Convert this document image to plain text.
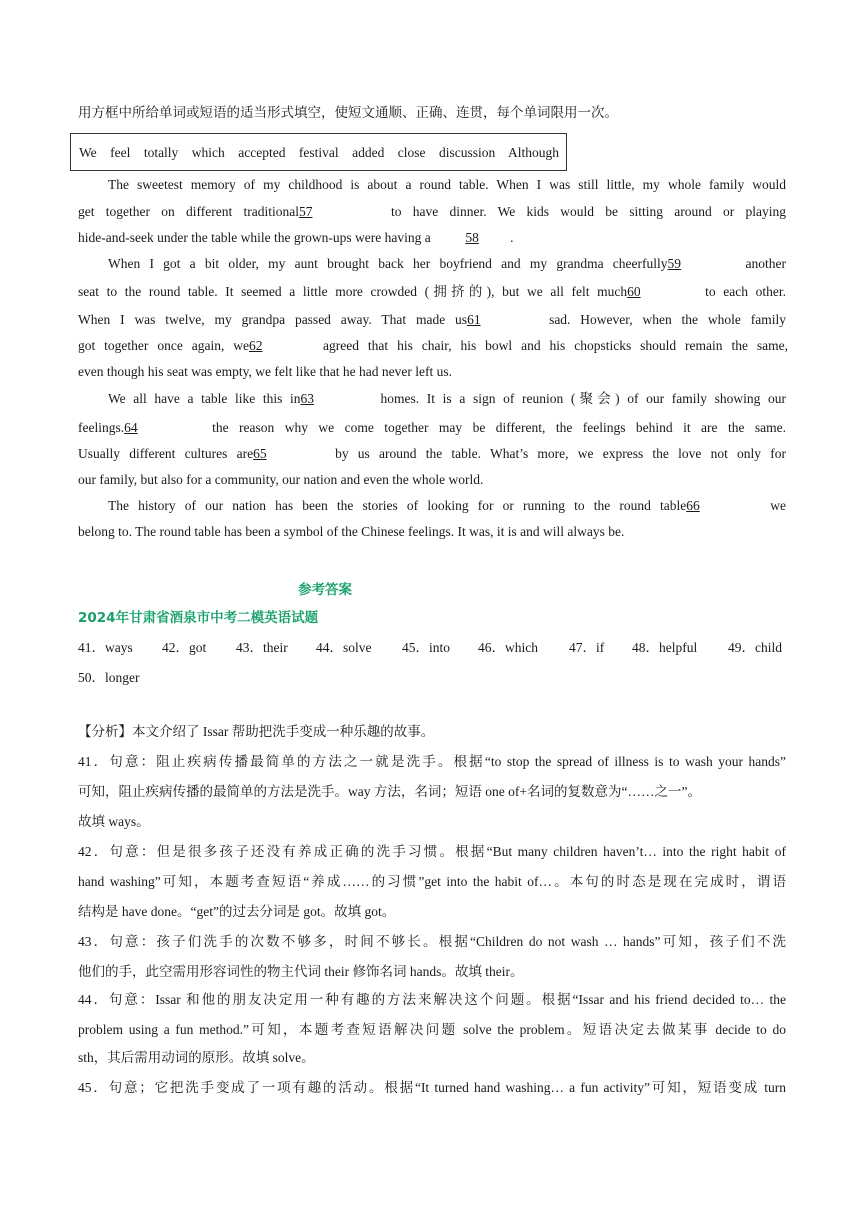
用方框中所给单词或短语的适当形式填空，使短文通顺、正确、连贯，每个单词限用一次。
We feel totally which accepted festival added close discussion Although
The sweetest memory of my childhood is about a round table. When I was still little, my whole family would
get together on different traditional57	to have dinner. We kids would be sitting around or playing
hide-and-seek under the table while the grown-ups were having a	58 .
When I got a bit older, my aunt brought back her boyfriend and my grandma cheerfully59	another
seat to the round table. It seemed a little more crowded (拥挤的), but we all felt much60	to each other.
When I was twelve, my grandpa passed away. That made us61	sad. However, when the whole family
got together once again, we62	agreed that his chair, his bowl and his chopsticks should remain the same,
even though his seat was empty, we felt like that he had never left us.
We all have a table like this in63	homes. It is a sign of reunion (聚会) of our family showing our
feelings.64	the reason why we come together may be different, the feelings behind it are the same.
Usually different cultures are65	by us around the table. What’s more, we express the love not only for
our family, but also for a community, our nation and even the whole world.
The history of our nation has been the stories of looking for or running to the round table66	we
belong to. The round table has been a symbol of the Chinese feelings. It was, it is and will always be.
参考答案
2024年甘肃省酒泉市中考二模英语试题
41．ways 42．got 43．their 44．solve 45．into 46．which 47．if 48．helpful 49．child
50．longer
【分析】本文介绍了 Issar 帮助把洗手变成一种乐趣的故事。
41．句意：阻止疾病传播最简单的方法之一就是洗手。根据“to stop the spread of illness is to wash your hands”
可知，阻止疾病传播的最简单的方法是洗手。way 方法，名词；短语 one of+名词的复数意为“……之一”。
故填 ways。
42．句意：但是很多孩子还没有养成正确的洗手习惯。根据“But many children haven’t… into the right habit of
hand washing”可知，本题考查短语“养成……的习惯”get into the habit of…。本句的时态是现在完成时，谓语
结构是 have done。“get”的过去分词是 got。故填 got。
43．句意：孩子们洗手的次数不够多，时间不够长。根据“Children do not wash … hands”可知，孩子们不洗
他们的手，此空需用形容词性的物主代词 their 修饰名词 hands。故填 their。
44．句意：Issar 和他的朋友决定用一种有趣的方法来解决这个问题。根据“Issar and his friend decided to… the
problem using a fun method.”可知，本题考查短语解决问题 solve the problem。短语决定去做某事 decide to do
sth，其后需用动词的原形。故填 solve。
45．句意；它把洗手变成了一项有趣的活动。根据“It turned hand washing… a fun activity”可知，短语变成 turn
